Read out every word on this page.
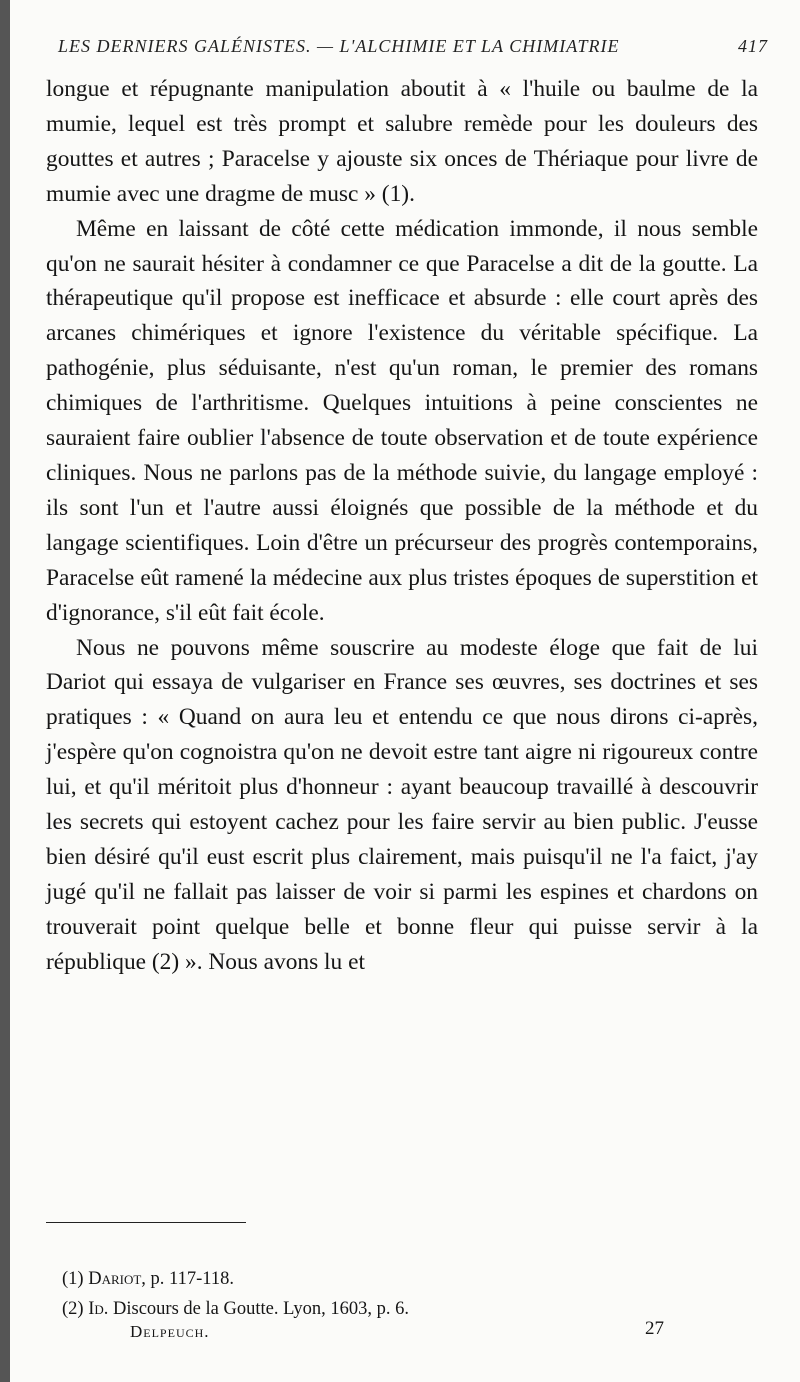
LES DERNIERS GALÉNISTES. — L'ALCHIMIE ET LA CHIMIATRIE	417

longue et répugnante manipulation aboutit à « l'huile ou baulme de la mumie, lequel est très prompt et salubre remède pour les douleurs des gouttes et autres ; Paracelse y ajouste six onces de Thériaque pour livre de mumie avec une dragme de musc » (1).

Même en laissant de côté cette médication immonde, il nous semble qu'on ne saurait hésiter à condamner ce que Paracelse a dit de la goutte. La thérapeutique qu'il propose est inefficace et absurde : elle court après des arcanes chimériques et ignore l'existence du véritable spécifique. La pathogénie, plus séduisante, n'est qu'un roman, le premier des romans chimiques de l'arthritisme. Quelques intuitions à peine conscientes ne sauraient faire oublier l'absence de toute observation et de toute expérience cliniques. Nous ne parlons pas de la méthode suivie, du langage employé : ils sont l'un et l'autre aussi éloignés que possible de la méthode et du langage scientifiques. Loin d'être un précurseur des progrès contemporains, Paracelse eût ramené la médecine aux plus tristes époques de superstition et d'ignorance, s'il eût fait école.

Nous ne pouvons même souscrire au modeste éloge que fait de lui Dariot qui essaya de vulgariser en France ses œuvres, ses doctrines et ses pratiques : « Quand on aura leu et entendu ce que nous dirons ci-après, j'espère qu'on cognoistra qu'on ne devoit estre tant aigre ni rigoureux contre lui, et qu'il méritoit plus d'honneur : ayant beaucoup travaillé à descouvrir les secrets qui estoyent cachez pour les faire servir au bien public. J'eusse bien désiré qu'il eust escrit plus clairement, mais puisqu'il ne l'a faict, j'ay jugé qu'il ne fallait pas laisser de voir si parmi les espines et chardons on trouverait point quelque belle et bonne fleur qui puisse servir à la république (2) ». Nous avons lu et

(1) Dariot, p. 117-118.
(2) Id. Discours de la Goutte. Lyon, 1603, p. 6.
Delpeuch.	27
